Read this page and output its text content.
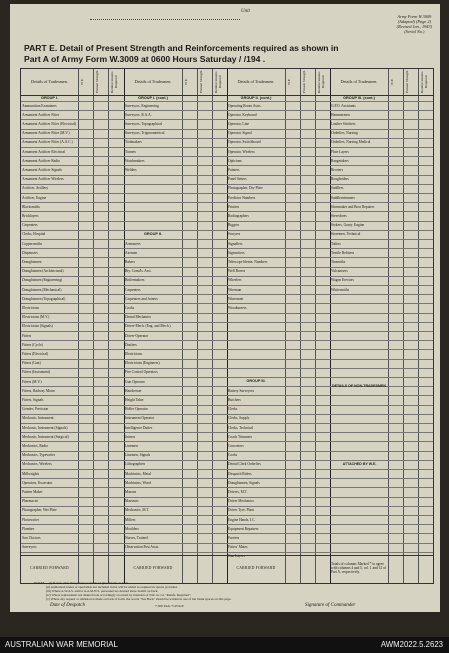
Unit
Army Form W.3009
(Adapted) (Page 2)
(Revised Jan., 1943)
(Serial No.)
PART E. Detail of Present Strength and Reinforcements required as shown in
Part A of Army Form W.3009 at 0600 Hours Saturday / /194 .
Details of Tradesmen.	W.E.	Present Strength	Reinforcements Required	Details of Tradesmen.	W.E.	Present Strength	Reinforcements Required	Details of Tradesmen.	W.E.	Present Strength	Reinforcements Required	Details of Tradesmen.	W.E.	Present Strength	Reinforcements Required
GROUP I.
Ammunition Examiners
Armament Artificer Fitter
Armament Artificer Fitter (Electrical)
Armament Artificer Fitter (M.V.)
Armament Artificer Fitter (A.A.C.)
Armament Artificer Electrical
Armament Artificer Radio
Armament Artificer Signals
Armament Artificer Wireless
Artificer, Artillery
Artificer, Engine
Blacksmiths
Bricklayers
Carpenters
Clerks, Hospital
Coppersmiths
Dispensers
Draughtsmen
Draughtsmen (Architectural)
Draughtsmen (Engineering)
Draughtsmen (Mechanical)
Draughtsmen (Topographical)
Electricians
Electricians (M.V.)
Electricians (Signals)
Fitters
Fitters (Cycle)
Fitters (Electrical)
Fitters (Gun)
Fitters (Instrument)
Fitters (M.V.)
Fitters, Railway Motor
Fitters, Signals
Grinder, Precision
Mechanic, Instrument
Mechanic, Instrument (Signals)
Mechanic, Instrument (Surgical)
Mechanics, Radio
Mechanics, Typewriter
Mechanics, Wireless
Millwrights
Operators, Excavator
Pattern Maker
Pharmacist
Photographer, Wet Plate
Photowriter
Plumber
Saw Doctors
Surveyors
GROUP I. (cont.)
Surveyors, Engineering
Surveyors, R.A.A.
Surveyors, Topographical
Surveyors, Trigonometrical
Toolmakers
Turners
Watchmakers
Welders
GROUP II.
Armourers
Axemen
Bakers
Bty. Comd's. Asst.
Boilermakers
Carpenters
Carpenters and Joiners
Cooks
Dental Mechanics
Driver-Mech. (Eng. and Mech.)
Driver-Operator
Drafters
Electricians
Electricians (Engineers)
Fire Control Operators
Gun Operator
Hairdresser
Height Taker
Holler Operator
Instrument Operator
Intelligence Duties
Joiners
Linemen
Linemen, Signals
Lithographers
Machinists, Metal
Machinists, Wood
Masons
Masseurs
Mechanics, M.T.
Millers
Moulders
Nurses, Trained
Observation Post Assts.
GROUP II. (cont.)
Operating Room Assts.
Operator, Keyboard
Operator, Line
Operator, Signal
Operator, Switchboard
Operator, Wireless
Opticians
Painters
Panel Setters
Photographer, Dry Plate
Predictor Numbers
Printers
Radiographers
Riggers
Sawyers
Signallers
Signwriters
Telescope Identn. Numbers
Well Borers
Wheelers
Wireman
Winesmen
Woodturners
GROUP III.
Battery Surveyors
Butchers
Clerks
Clerks, Supply
Clerks, Technical
Coach Trimmers
Concretors
Cooks
Dental Clerk Orderlies
Despatch Riders
Draughtsmen, Signals
Drivers, M.T.
Driver Mechanics
Driver Tyre, Plant
Engine Hands, I.C.
Equipment Repairers
Farriers
Fitters' Mates
Gun Layers
GROUP III. (cont.)
G.P.O. Assistants
Hammermen
Leather Stitchers
Orderlies, Nursing
Orderlies, Nursing Medical
Plate Layers
Rangetakers
Riveters
Roughriders
Saddlers
Saddlertrimmers
Shoemaker and Boot Repairer
Stevedores
Stokers, Gauty. Engine
Storemen, Technical
Tailors
Textile Refitters
Tinsmiths
Vulcanisers
Wagon Erectors
Whitesmiths
DETAILS OF NON-TRADESMEN.
ATTACHED BY W.E.
CARRIED FORWARD	CARRIED FORWARD	CARRIED FORWARD
Totals of columns Marked * to agree with columns 4 and 5, col. 1 and 12 of Part A, respectively.
NOTES.—(i) If rank other than private is involved give details on back.
(ii) Authorised trades or specialists not included in list will be added as required in spaces provided.
(iii) Where A.W.A.S. and/or A.A.M.W.S. personnel are desired show details on back.
(iv) Where replacement not desired note accordingly on return by insertion of N.R. in col. "Reinfs. Required".
(v) Where any request or omission is made on back of form, the words "See Back" should be written in one of the blank spaces on this page.
Date of Despatch	7,500 Pads 7/43 R.P.	Signature of Commander
AUSTRALIAN WAR MEMORIAL	AWM2022.5.2623
